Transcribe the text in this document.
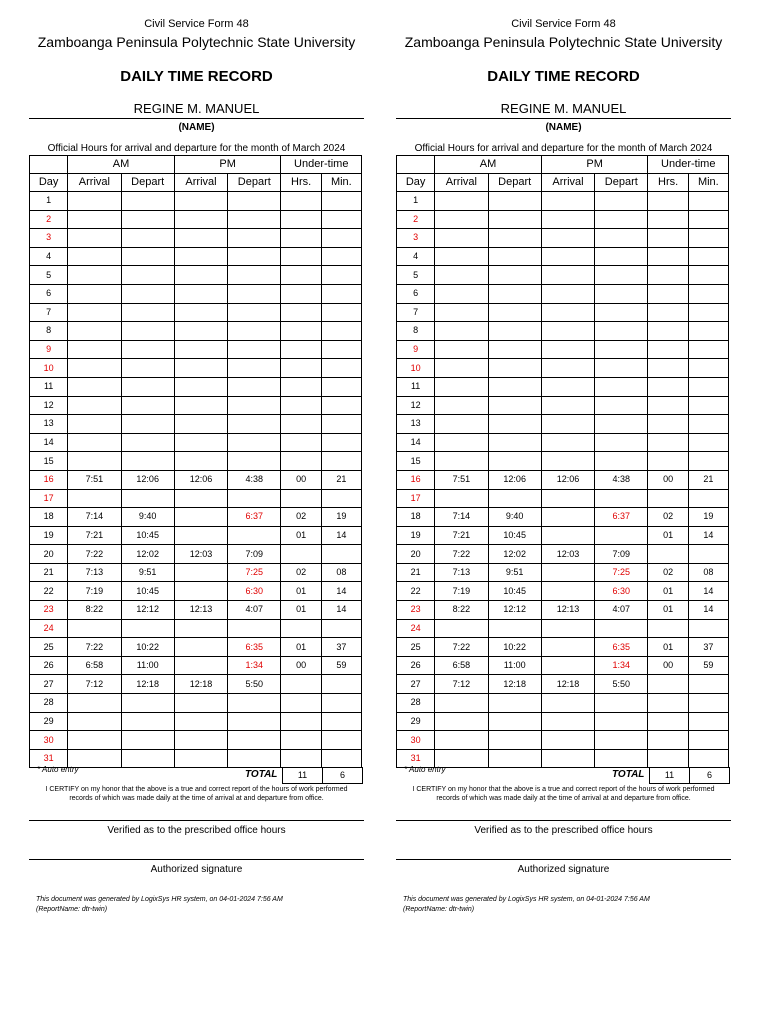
Civil Service Form 48
Zamboanga Peninsula Polytechnic State University
DAILY TIME RECORD
REGINE M. MANUEL
(NAME)
Official Hours for arrival and departure for the month of March 2024
	AM		PM		Under-time	
Day	Arrival	Depart	Arrival	Depart	Hrs.	Min.
1						
2						
3						
4						
5						
6						
7						
8						
9						
10						
11						
12						
13						
14						
15						
16	7:51	12:06	12:06	4:38	00	21
17						
18	7:14	9:40		6:37	02	19
19	7:21	10:45			01	14
20	7:22	12:02	12:03	7:09		
21	7:13	9:51		7:25	02	08
22	7:19	10:45		6:30	01	14
23	8:22	12:12	12:13	4:07	01	14
24						
25	7:22	10:22		6:35	01	37
26	6:58	11:00		1:34	00	59
27	7:12	12:18	12:18	5:50		
28						
29						
30						
31						
* Auto entry	TOTAL	11	6
I CERTIFY on my honor that the above is a true and correct report of the hours of work performed records of which was made daily at the time of arrival at and departure from office.
Verified as to the prescribed office hours
Authorized signature
This document was generated by LogixSys HR system, on 04-01-2024 7:56 AM
(ReportName: dtr-twin)
Civil Service Form 48
Zamboanga Peninsula Polytechnic State University
DAILY TIME RECORD
REGINE M. MANUEL
(NAME)
Official Hours for arrival and departure for the month of March 2024
	AM		PM		Under-time	
Day	Arrival	Depart	Arrival	Depart	Hrs.	Min.
1						
2						
3						
4						
5						
6						
7						
8						
9						
10						
11						
12						
13						
14						
15						
16	7:51	12:06	12:06	4:38	00	21
17						
18	7:14	9:40		6:37	02	19
19	7:21	10:45			01	14
20	7:22	12:02	12:03	7:09		
21	7:13	9:51		7:25	02	08
22	7:19	10:45		6:30	01	14
23	8:22	12:12	12:13	4:07	01	14
24						
25	7:22	10:22		6:35	01	37
26	6:58	11:00		1:34	00	59
27	7:12	12:18	12:18	5:50		
28						
29						
30						
31						
* Auto entry	TOTAL	11	6
I CERTIFY on my honor that the above is a true and correct report of the hours of work performed records of which was made daily at the time of arrival at and departure from office.
Verified as to the prescribed office hours
Authorized signature
This document was generated by LogixSys HR system, on 04-01-2024 7:56 AM
(ReportName: dtr-twin)
